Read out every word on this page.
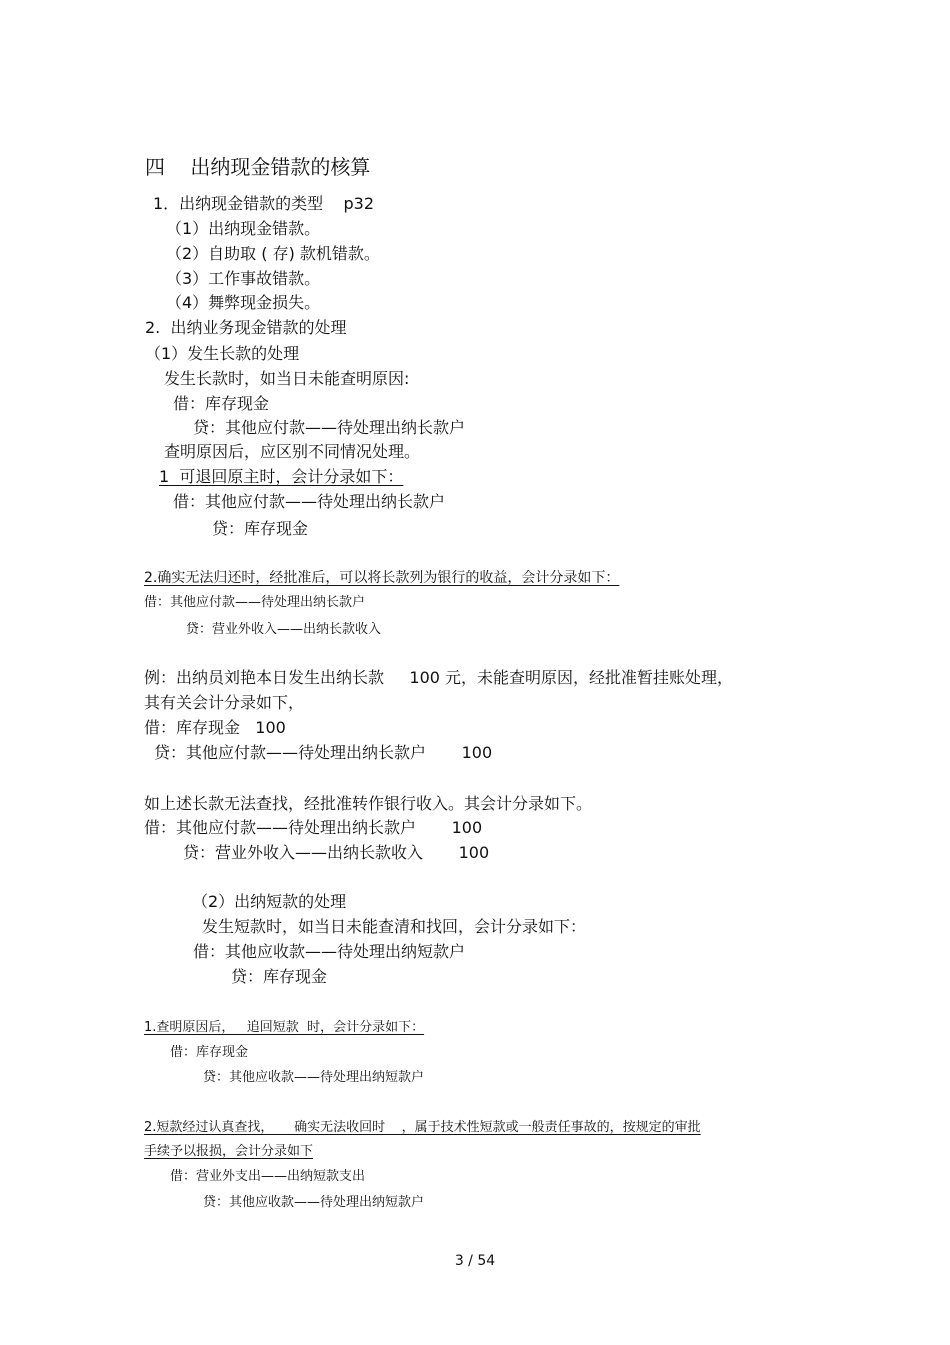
四    出纳现金错款的核算
1．出纳现金错款的类型    p32
（1）出纳现金错款。
（2）自助取 ( 存) 款机错款。
（3）工作事故错款。
（4）舞弊现金损失。
2.  出纳业务现金错款的处理
（1）发生长款的处理
发生长款时，如当日未能查明原因:
借：库存现金
贷：其他应付款——待处理出纳长款户
查明原因后，应区别不同情况处理。
1  可退回原主时，会计分录如下：
借：其他应付款——待处理出纳长款户
贷：库存现金
2.确实无法归还时，经批准后，可以将长款列为银行的收益，会计分录如下：
借：其他应付款——待处理出纳长款户
贷：营业外收入——出纳长款收入
例：出纳员刘艳本日发生出纳长款     100 元，未能查明原因，经批准暂挂账处理，
其有关会计分录如下，
借：库存现金   100
贷：其他应付款——待处理出纳长款户       100
如上述长款无法查找，经批准转作银行收入。其会计分录如下。
借：其他应付款——待处理出纳长款户       100
贷：营业外收入——出纳长款收入       100
（2）出纳短款的处理
发生短款时，如当日未能查清和找回，会计分录如下：
借：其他应收款——待处理出纳短款户
贷：库存现金
1.查明原因后，   追回短款  时，会计分录如下：
借：库存现金
贷：其他应收款——待处理出纳短款户
2.短款经过认真查找，     确实无法收回时    ，属于技术性短款或一般责任事故的，按规定的审批
手续予以报损，会计分录如下
借：营业外支出——出纳短款支出
贷：其他应收款——待处理出纳短款户
3 / 54
